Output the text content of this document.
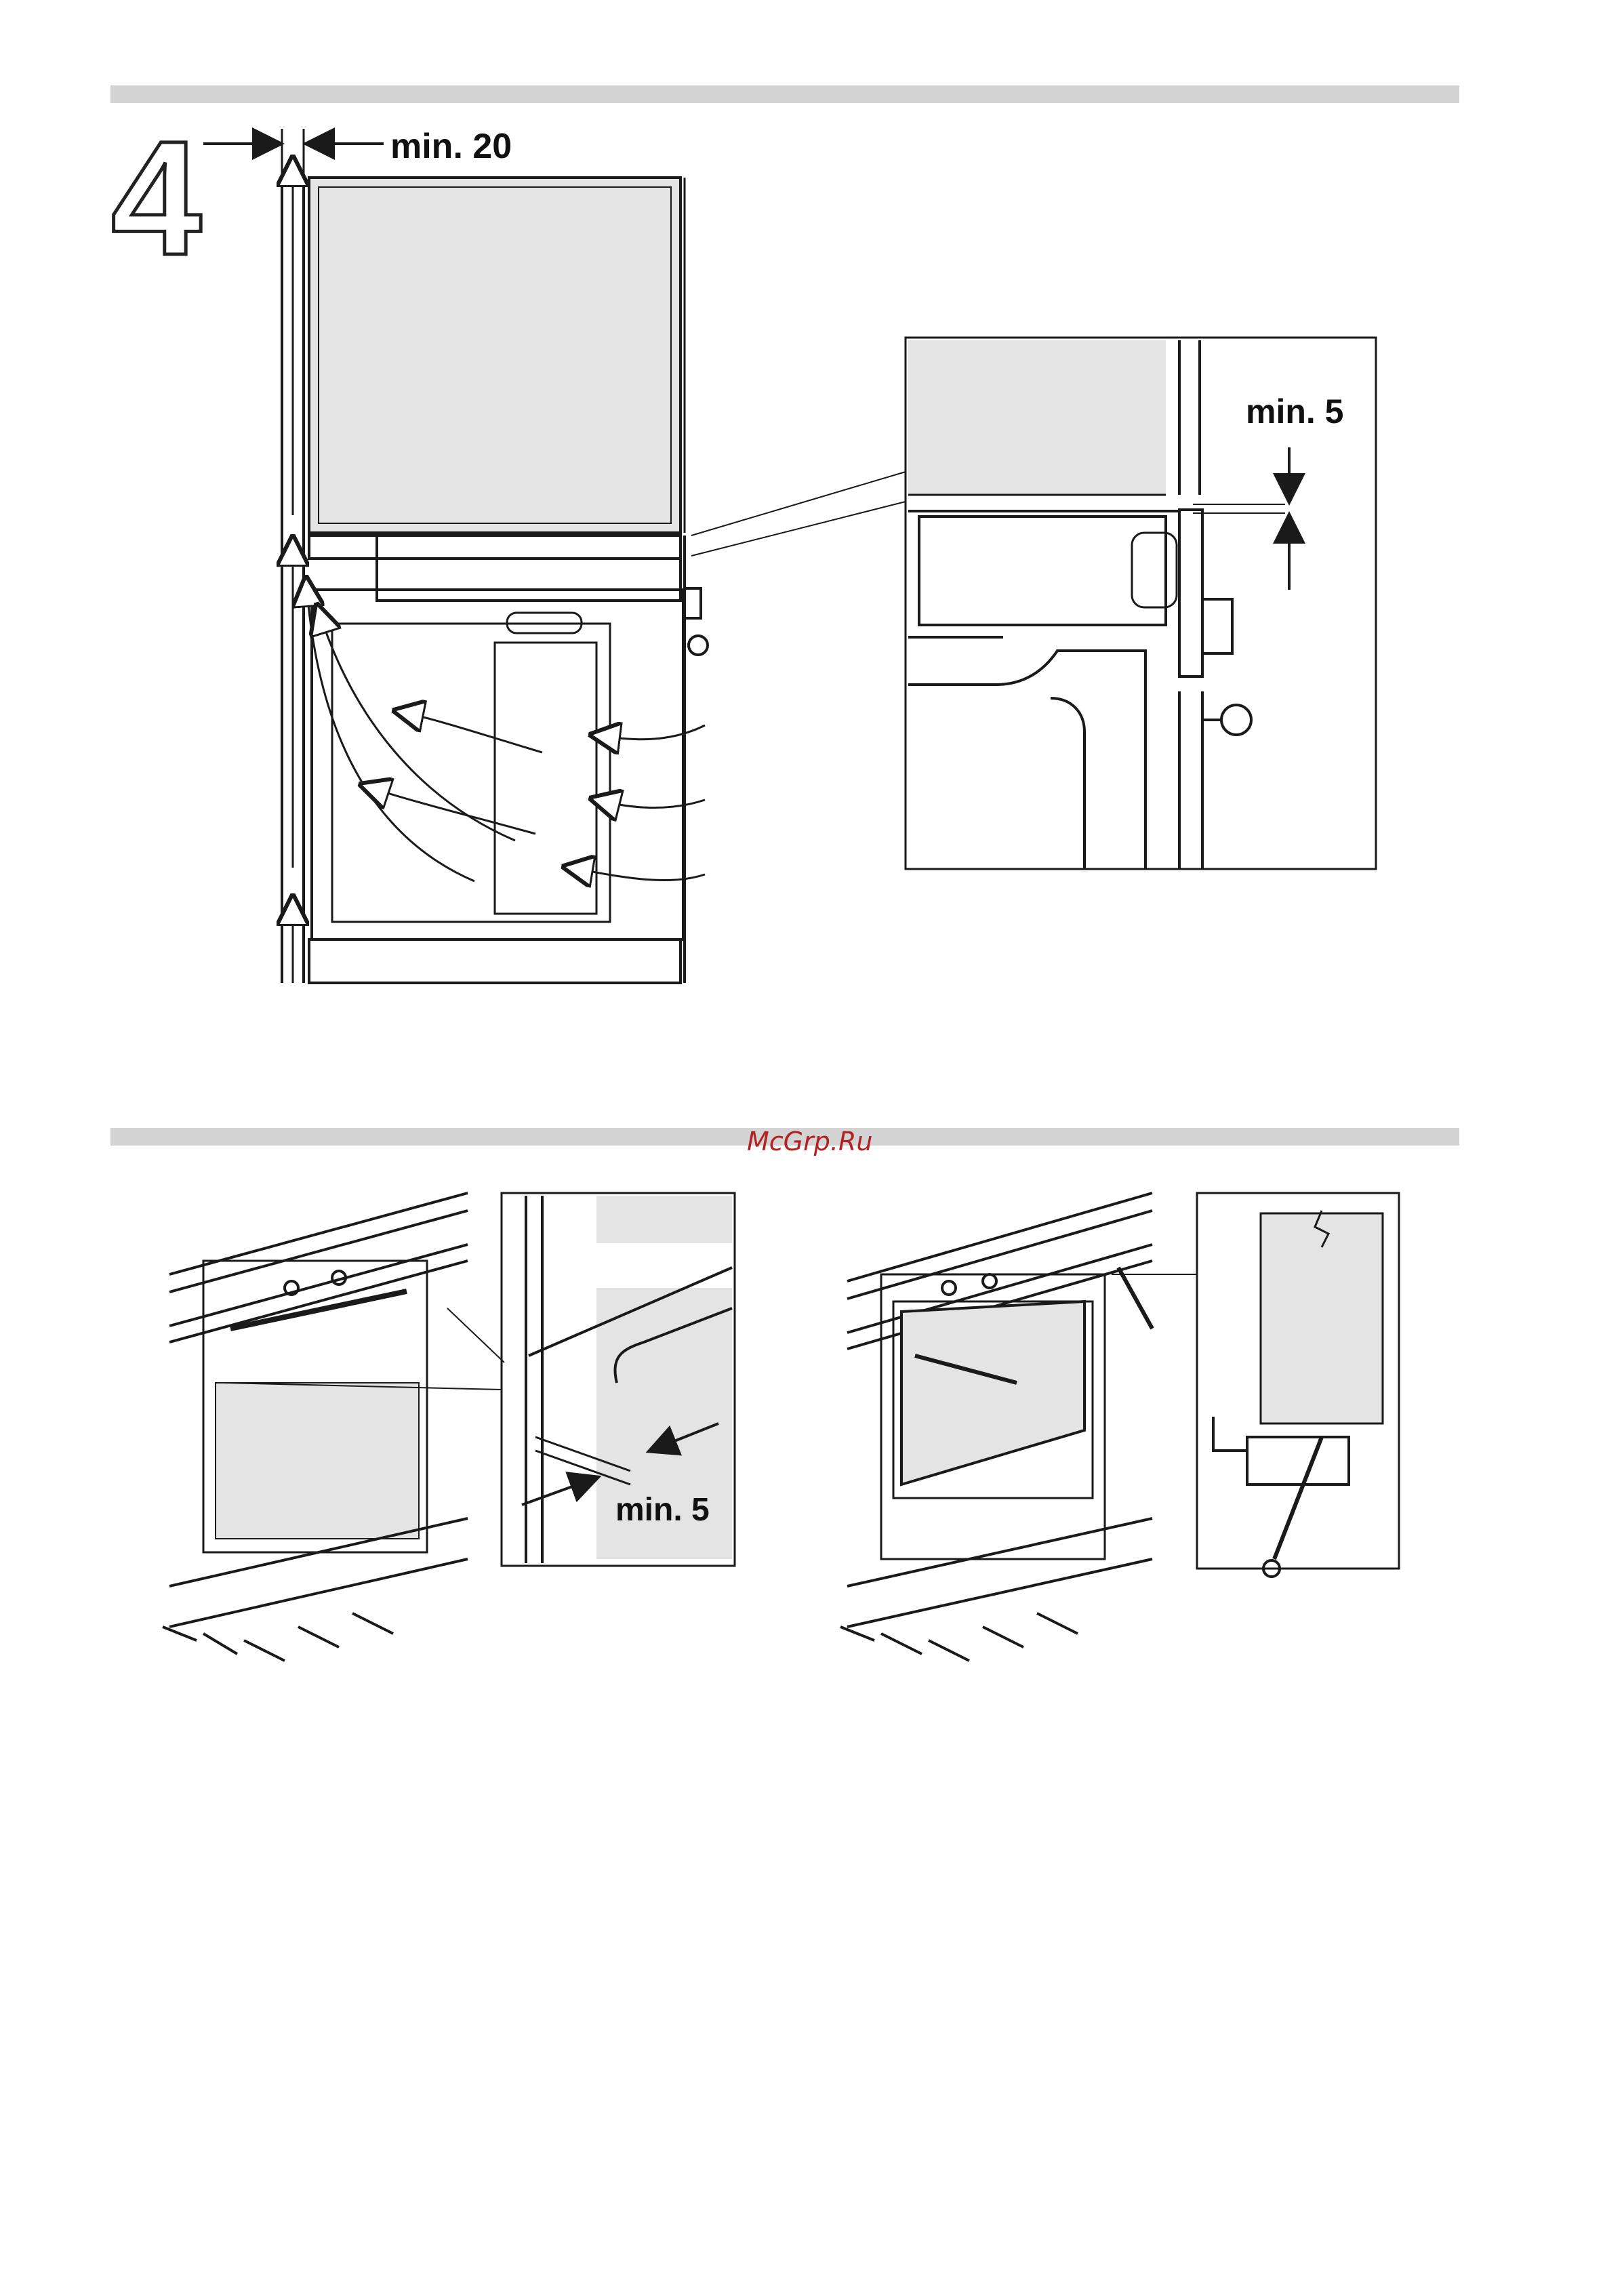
4	min. 20
min. 5
min. 5
McGrp.Ru
